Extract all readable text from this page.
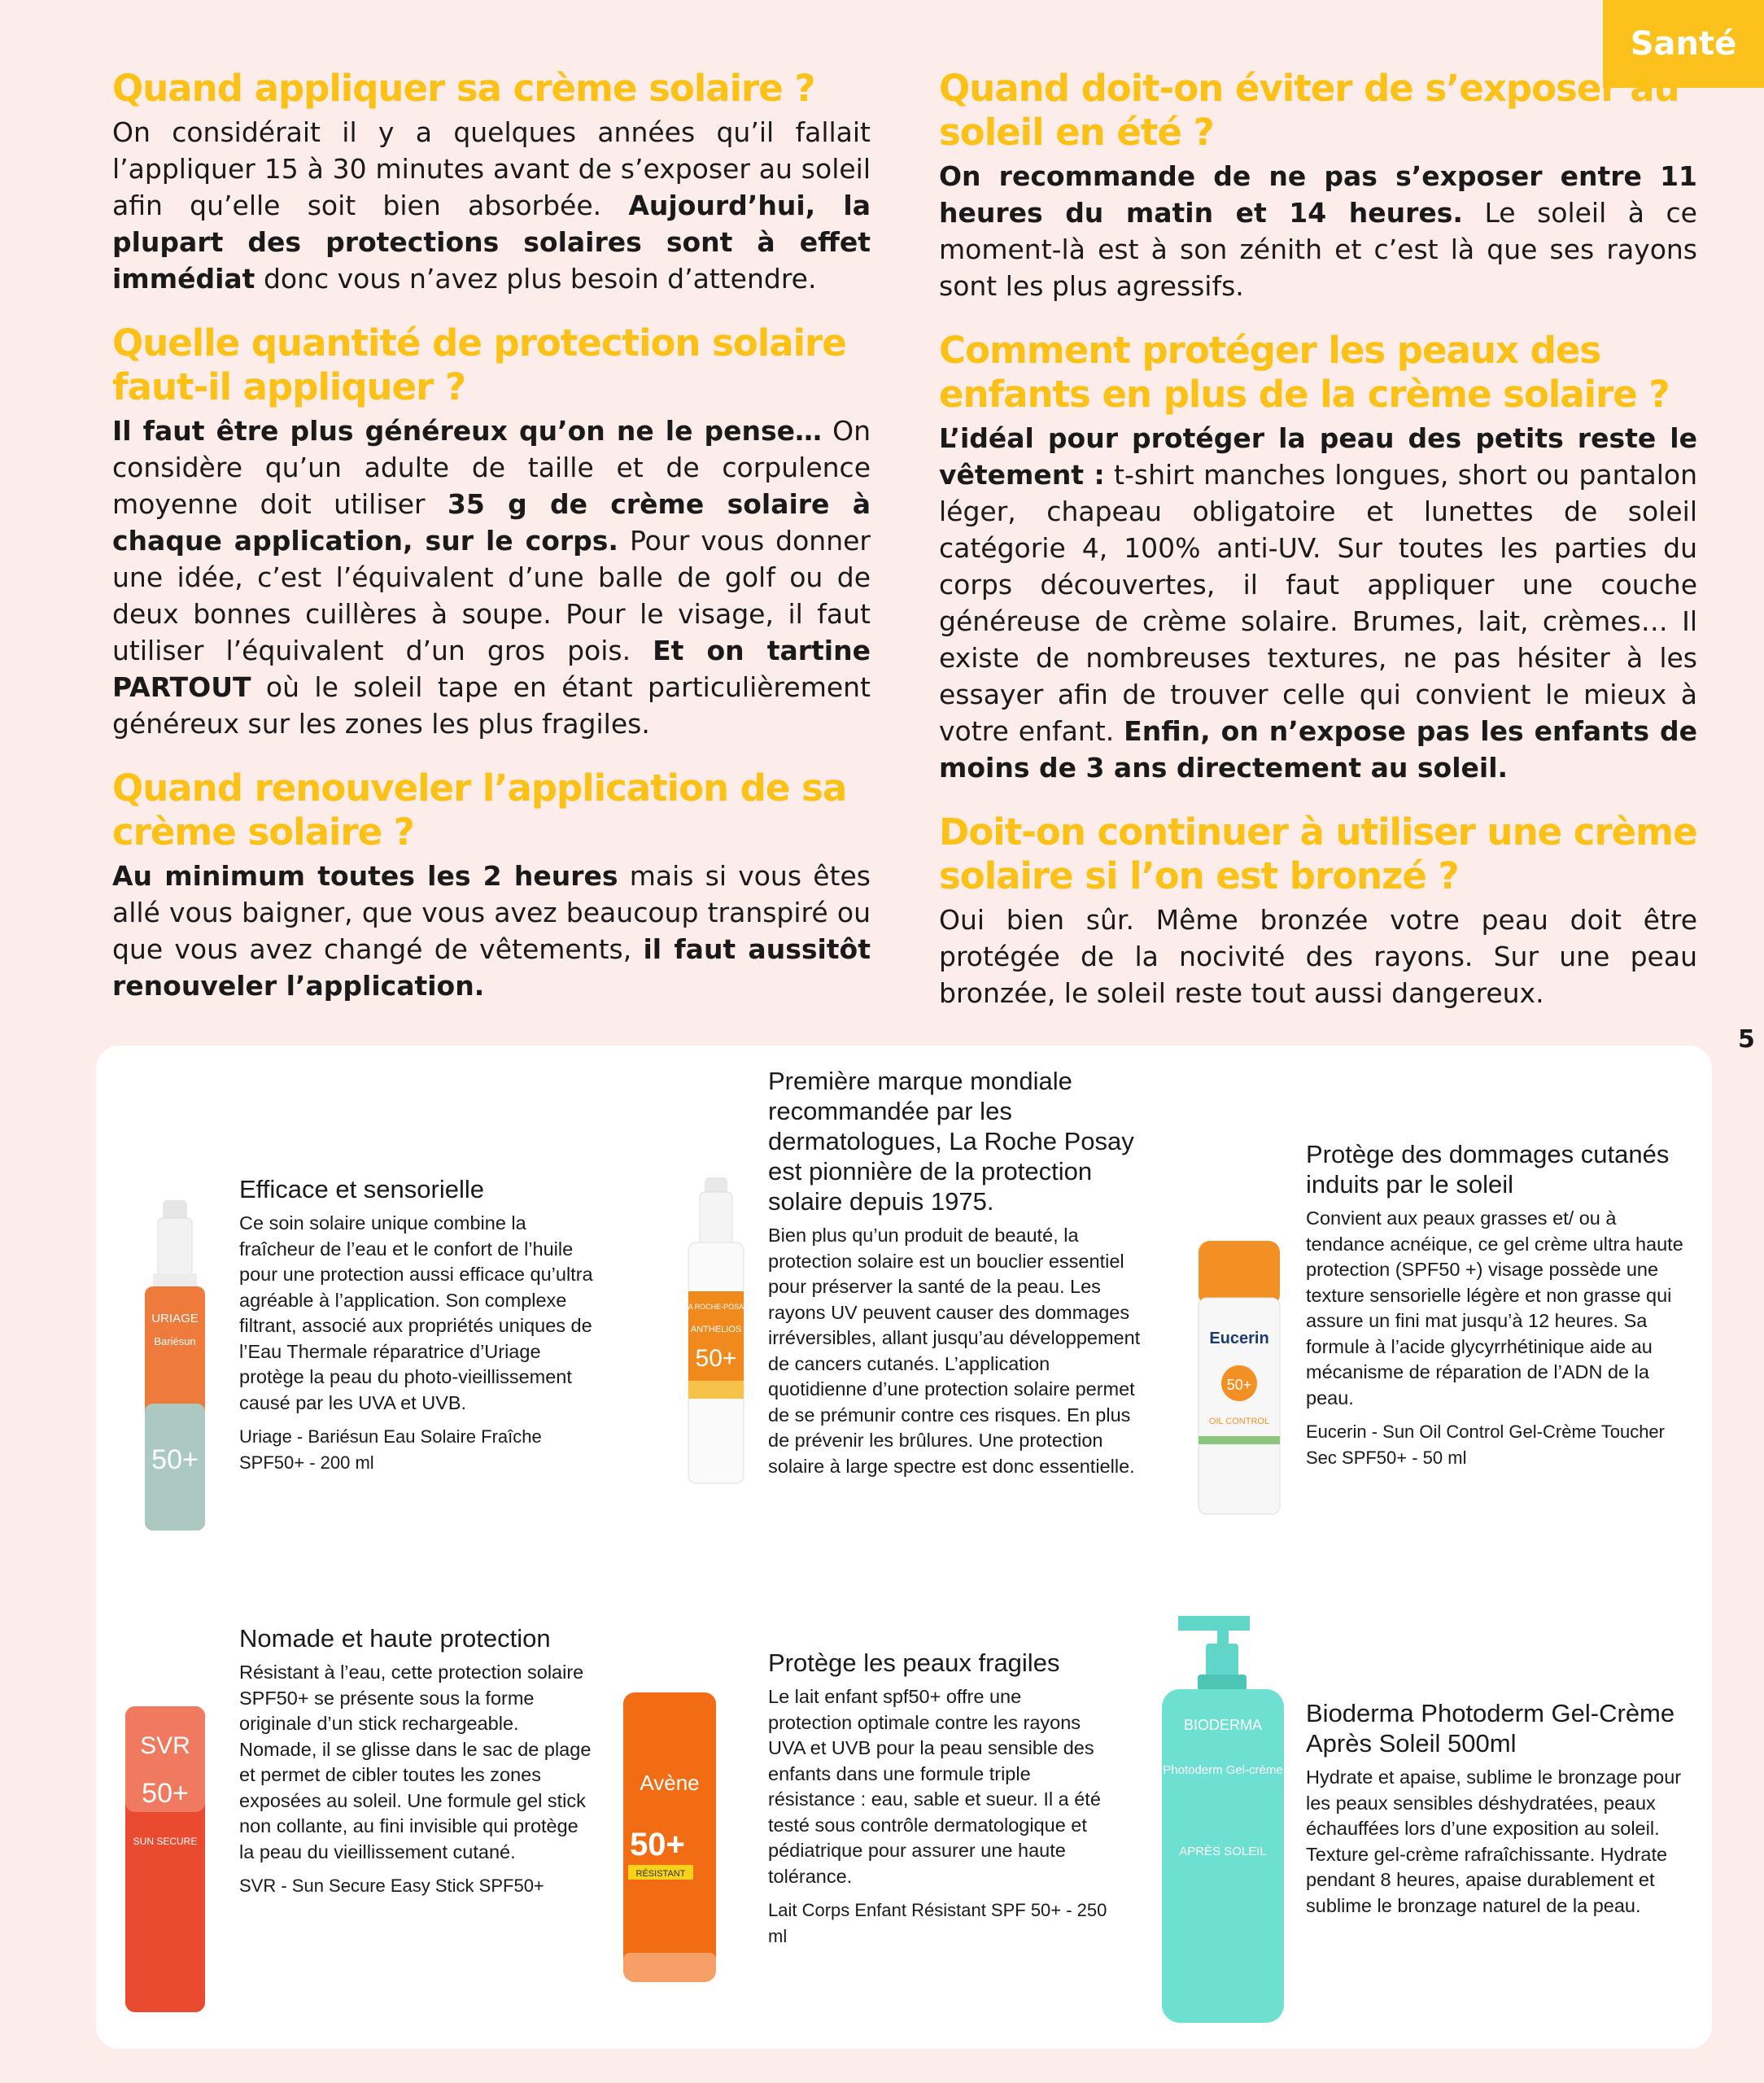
Santé
Quand appliquer sa crème solaire ?

On considérait il y a quelques années qu’il fallait l’appliquer 15 à 30 minutes avant de s’exposer au soleil afin qu’elle soit bien absorbée. Aujourd’hui, la plupart des protections solaires sont à effet immédiat donc vous n’avez plus besoin d’attendre.

Quelle quantité de protection solaire faut-il appliquer ?

Il faut être plus généreux qu’on ne le pense… On considère qu’un adulte de taille et de corpulence moyenne doit utiliser 35 g de crème solaire à chaque application, sur le corps. Pour vous donner une idée, c’est l’équivalent d’une balle de golf ou de deux bonnes cuillères à soupe. Pour le visage, il faut utiliser l’équivalent d’un gros pois. Et on tartine PARTOUT où le soleil tape en étant particulièrement généreux sur les zones les plus fragiles.

Quand renouveler l’application de sa crème solaire ?

Au minimum toutes les 2 heures mais si vous êtes allé vous baigner, que vous avez beaucoup transpiré ou que vous avez changé de vêtements, il faut aussitôt renouveler l’application.

Quand doit-on éviter de s’exposer au soleil en été ?

On recommande de ne pas s’exposer entre 11 heures du matin et 14 heures. Le soleil à ce moment-là est à son zénith et c’est là que ses rayons sont les plus agressifs.

Comment protéger les peaux des enfants en plus de la crème solaire ?

L’idéal pour protéger la peau des petits reste le vêtement : t-shirt manches longues, short ou pantalon léger, chapeau obligatoire et lunettes de soleil catégorie 4, 100% anti-UV. Sur toutes les parties du corps découvertes, il faut appliquer une couche généreuse de crème solaire. Brumes, lait, crèmes… Il existe de nombreuses textures, ne pas hésiter à les essayer afin de trouver celle qui convient le mieux à votre enfant. Enfin, on n’expose pas les enfants de moins de 3 ans directement au soleil.

Doit-on continuer à utiliser une crème solaire si l’on est bronzé ?

Oui bien sûr. Même bronzée votre peau doit être protégée de la nocivité des rayons. Sur une peau bronzée, le soleil reste tout aussi dangereux.

5
URIAGE
Bariésun
50+

Efficace et sensorielle

Ce soin solaire unique combine la fraîcheur de l’eau et le confort de l’huile pour une protection aussi efficace qu’ultra agréable à l’application. Son complexe filtrant, associé aux propriétés uniques de l’Eau Thermale réparatrice d’Uriage protège la peau du photo-vieillissement causé par les UVA et UVB.

Uriage - Bariésun Eau Solaire Fraîche SPF50+ - 200 ml

LA ROCHE-POSAY
ANTHELIOS
50+

Première marque mondiale recommandée par les dermatologues, La Roche Posay est pionnière de la protection solaire depuis 1975.

Bien plus qu’un produit de beauté, la protection solaire est un bouclier essentiel pour préserver la santé de la peau. Les rayons UV peuvent causer des dommages irréversibles, allant jusqu’au développement de cancers cutanés. L’application quotidienne d’une protection solaire permet de se prémunir contre ces risques. En plus de prévenir les brûlures. Une protection solaire à large spectre est donc essentielle.

Eucerin
50+
OIL CONTROL

Protège des dommages cutanés induits par le soleil

Convient aux peaux grasses et/ ou à tendance acnéique, ce gel crème ultra haute protection (SPF50 +) visage possède une texture sensorielle légère et non grasse qui assure un fini mat jusqu’à 12 heures. Sa formule à l’acide glycyrrhétinique aide au mécanisme de réparation de l’ADN de la peau.

Eucerin - Sun Oil Control Gel-Crème Toucher Sec SPF50+ - 50 ml

SVR
50+
SUN SECURE

Nomade et haute protection

Résistant à l’eau, cette protection solaire SPF50+ se présente sous la forme originale d’un stick rechargeable. Nomade, il se glisse dans le sac de plage et permet de cibler toutes les zones exposées au soleil. Une formule gel stick non collante, au fini invisible qui protège la peau du vieillissement cutané.

SVR - Sun Secure Easy Stick SPF50+

Avène
50+
RÉSISTANT

Protège les peaux fragiles

Le lait enfant spf50+ offre une protection optimale contre les rayons UVA et UVB pour la peau sensible des enfants dans une formule triple résistance : eau, sable et sueur. Il a été testé sous contrôle dermatologique et pédiatrique pour assurer une haute tolérance.

Lait Corps Enfant Résistant SPF 50+ - 250 ml

BIODERMA
Photoderm Gel-crème
APRÈS SOLEIL

Bioderma Photoderm Gel-Crème Après Soleil 500ml

Hydrate et apaise, sublime le bronzage pour les peaux sensibles déshydratées, peaux échauffées lors d’une exposition au soleil. Texture gel-crème rafraîchissante. Hydrate pendant 8 heures, apaise durablement et sublime le bronzage naturel de la peau.
